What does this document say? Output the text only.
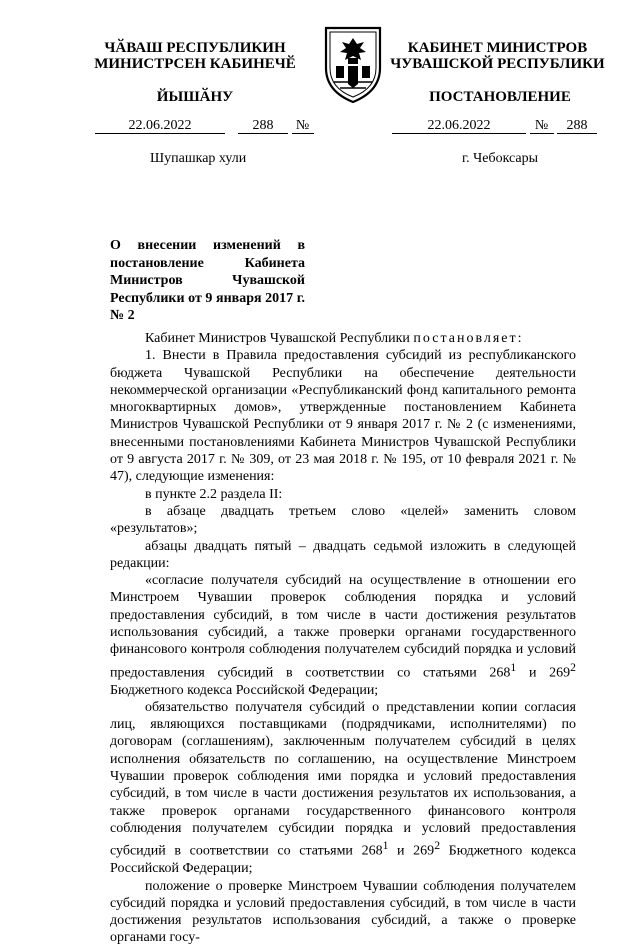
ЧӐВАШ РЕСПУБЛИКИН
МИНИСТРСЕН КАБИНЕЧӖ
КАБИНЕТ МИНИСТРОВ
ЧУВАШСКОЙ РЕСПУБЛИКИ
ЙЫШӐНУ	ПОСТАНОВЛЕНИЕ
22.06.2022	288 №	22.06.2022	№ 288
Шупашкар хули	г. Чебоксары
О внесении изменений в постановление Кабинета Министров Чувашской Республики от 9 января 2017 г. № 2

Кабинет Министров Чувашской Республики постановляет:

1. Внести в Правила предоставления субсидий из республиканского бюджета Чувашской Республики на обеспечение деятельности некоммерческой организации «Республиканский фонд капитального ремонта многоквартирных домов», утвержденные постановлением Кабинета Министров Чувашской Республики от 9 января 2017 г. № 2 (с изменениями, внесенными постановлениями Кабинета Министров Чувашской Республики от 9 августа 2017 г. № 309, от 23 мая 2018 г. № 195, от 10 февраля 2021 г. № 47), следующие изменения:

в пункте 2.2 раздела II:

в абзаце двадцать третьем слово «целей» заменить словом «результатов»;

абзацы двадцать пятый – двадцать седьмой изложить в следующей редакции:

«согласие получателя субсидий на осуществление в отношении его Минстроем Чувашии проверок соблюдения порядка и условий предоставления субсидий, в том числе в части достижения результатов использования субсидий, а также проверки органами государственного финансового контроля соблюдения получателем субсидий порядка и условий предоставления субсидий в соответствии со статьями $268^1$ и $269^2$ Бюджетного кодекса Российской Федерации;

обязательство получателя субсидий о представлении копии согласия лиц, являющихся поставщиками (подрядчиками, исполнителями) по договорам (соглашениям), заключенным получателем субсидий в целях исполнения обязательств по соглашению, на осуществление Минстроем Чувашии проверок соблюдения ими порядка и условий предоставления субсидий, в том числе в части достижения результатов их использования, а также проверок органами государственного финансового контроля соблюдения получателем субсидии порядка и условий предоставления субсидий в соответствии со статьями $268^1$ и $269^2$ Бюджетного кодекса Российской Федерации;

положение о проверке Минстроем Чувашии соблюдения получателем субсидий порядка и условий предоставления субсидий, в том числе в части достижения результатов использования субсидий, а также о проверке органами госу-
